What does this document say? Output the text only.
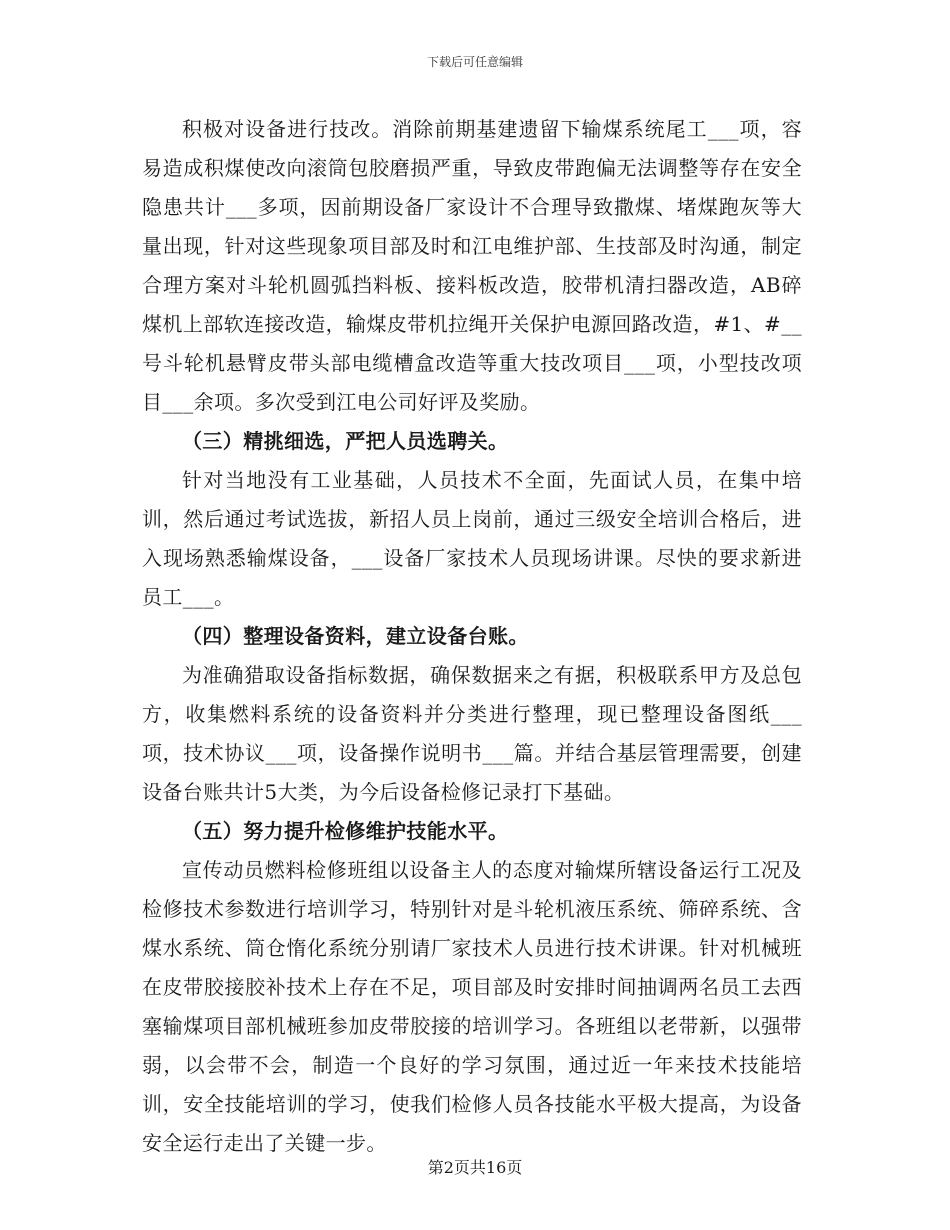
下载后可任意编辑

积极对设备进行技改。消除前期基建遗留下输煤系统尾工___项，容易造成积煤使改向滚筒包胶磨损严重，导致皮带跑偏无法调整等存在安全隐患共计___多项，因前期设备厂家设计不合理导致撒煤、堵煤跑灰等大量出现，针对这些现象项目部及时和江电维护部、生技部及时沟通，制定合理方案对斗轮机圆弧挡料板、接料板改造，胶带机清扫器改造，AB碎煤机上部软连接改造，输煤皮带机拉绳开关保护电源回路改造，#1、#__号斗轮机悬臂皮带头部电缆槽盒改造等重大技改项目___项，小型技改项目___余项。多次受到江电公司好评及奖励。

（三）精挑细选，严把人员选聘关。

针对当地没有工业基础，人员技术不全面，先面试人员，在集中培训，然后通过考试选拔，新招人员上岗前，通过三级安全培训合格后，进入现场熟悉输煤设备，___设备厂家技术人员现场讲课。尽快的要求新进员工___。

（四）整理设备资料，建立设备台账。

为准确猎取设备指标数据，确保数据来之有据，积极联系甲方及总包方，收集燃料系统的设备资料并分类进行整理，现已整理设备图纸___项，技术协议___项，设备操作说明书___篇。并结合基层管理需要，创建设备台账共计5大类，为今后设备检修记录打下基础。

（五）努力提升检修维护技能水平。

宣传动员燃料检修班组以设备主人的态度对输煤所辖设备运行工况及检修技术参数进行培训学习，特别针对是斗轮机液压系统、筛碎系统、含煤水系统、筒仓惰化系统分别请厂家技术人员进行技术讲课。针对机械班在皮带胶接胶补技术上存在不足，项目部及时安排时间抽调两名员工去西塞输煤项目部机械班参加皮带胶接的培训学习。各班组以老带新，以强带弱，以会带不会，制造一个良好的学习氛围，通过近一年来技术技能培训，安全技能培训的学习，使我们检修人员各技能水平极大提高，为设备安全运行走出了关键一步。

第2页共16页
